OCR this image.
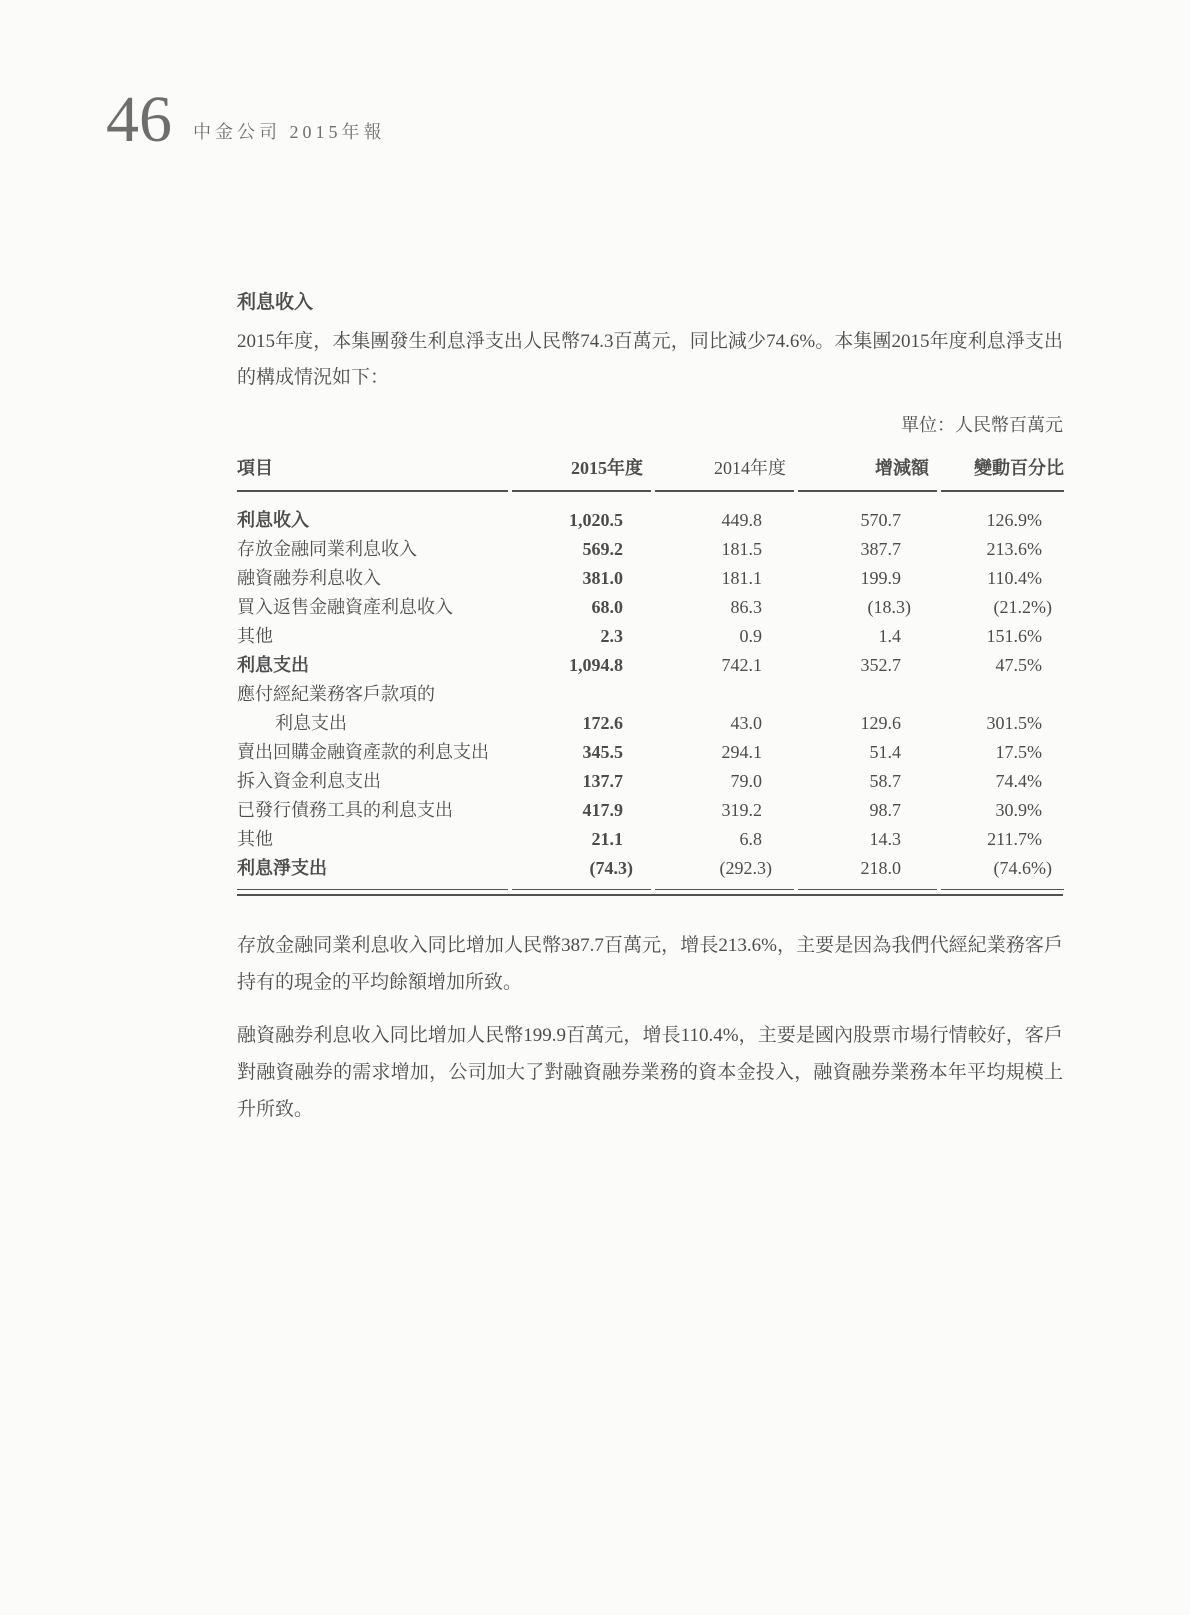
46 中金公司 2015年報
利息收入

2015年度，本集團發生利息淨支出人民幣74.3百萬元，同比減少74.6%。本集團2015年度利息淨支出的構成情況如下：

單位：人民幣百萬元
項目	2015年度	2014年度	增減額	變動百分比
利息收入	1,020.5	449.8	570.7	126.9%
存放金融同業利息收入	569.2	181.5	387.7	213.6%
融資融券利息收入	381.0	181.1	199.9	110.4%
買入返售金融資產利息收入	68.0	86.3	(18.3)	(21.2%)
其他	2.3	0.9	1.4	151.6%
利息支出	1,094.8	742.1	352.7	47.5%
應付經紀業務客戶款項的				
利息支出	172.6	43.0	129.6	301.5%
賣出回購金融資產款的利息支出	345.5	294.1	51.4	17.5%
拆入資金利息支出	137.7	79.0	58.7	74.4%
已發行債務工具的利息支出	417.9	319.2	98.7	30.9%
其他	21.1	6.8	14.3	211.7%
利息淨支出	(74.3)	(292.3)	218.0	(74.6%)

存放金融同業利息收入同比增加人民幣387.7百萬元，增長213.6%，主要是因為我們代經紀業務客戶持有的現金的平均餘額增加所致。

融資融券利息收入同比增加人民幣199.9百萬元，增長110.4%，主要是國內股票市場行情較好，客戶對融資融券的需求增加，公司加大了對融資融券業務的資本金投入，融資融券業務本年平均規模上升所致。
